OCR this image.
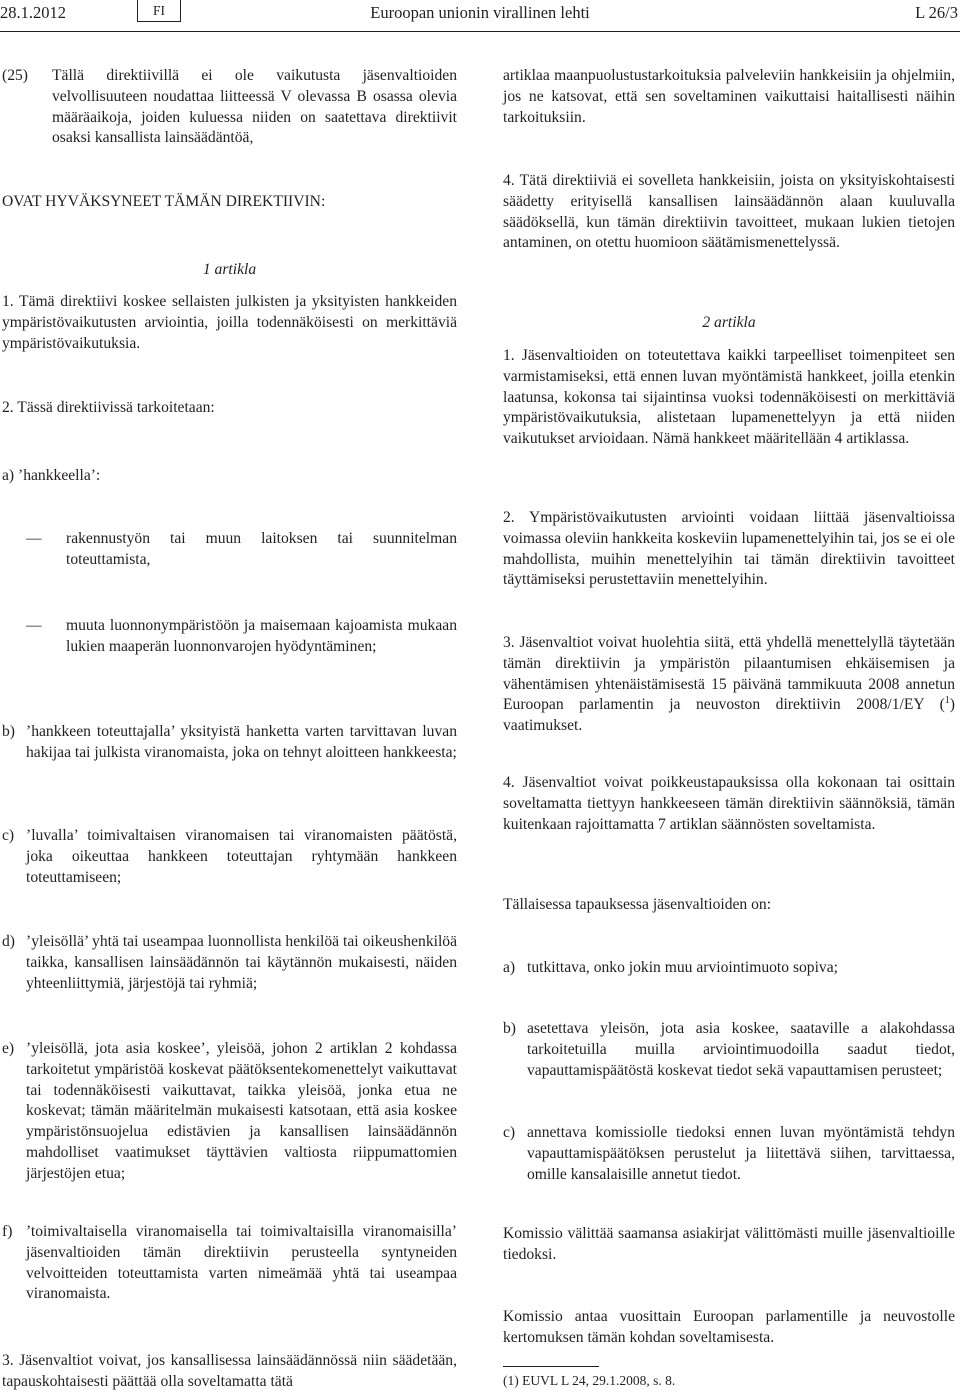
28.1.2012	FI	Euroopan unionin virallinen lehti	L 26/3
(25) Tällä direktiivillä ei ole vaikutusta jäsenvaltioiden velvollisuuteen noudattaa liitteessä V olevassa B osassa olevia määräaikoja, joiden kuluessa niiden on saatettava direktiivit osaksi kansallista lainsäädäntöä,
OVAT HYVÄKSYNEET TÄMÄN DIREKTIIVIN:
1 artikla
1. Tämä direktiivi koskee sellaisten julkisten ja yksityisten hankkeiden ympäristövaikutusten arviointia, joilla todennäköisesti on merkittäviä ympäristövaikutuksia.
2. Tässä direktiivissä tarkoitetaan:
a) ’hankkeella’:
— rakennustyön tai muun laitoksen tai suunnitelman toteuttamista,
— muuta luonnonympäristöön ja maisemaan kajoamista mukaan lukien maaperän luonnonvarojen hyödyntäminen;
b) ’hankkeen toteuttajalla’ yksityistä hanketta varten tarvittavan luvan hakijaa tai julkista viranomaista, joka on tehnyt aloitteen hankkeesta;
c) ’luvalla’ toimivaltaisen viranomaisen tai viranomaisten päätöstä, joka oikeuttaa hankkeen toteuttajan ryhtymään hankkeen toteuttamiseen;
d) ’yleisöllä’ yhtä tai useampaa luonnollista henkilöä tai oikeushenkilöä taikka, kansallisen lainsäädännön tai käytännön mukaisesti, näiden yhteenliittymiä, järjestöjä tai ryhmiä;
e) ’yleisöllä, jota asia koskee’, yleisöä, johon 2 artiklan 2 kohdassa tarkoitetut ympäristöä koskevat päätöksentekomenettelyt vaikuttavat tai todennäköisesti vaikuttavat, taikka yleisöä, jonka etua ne koskevat; tämän määritelmän mukaisesti katsotaan, että asia koskee ympäristönsuojelua edistävien ja kansallisen lainsäädännön mahdolliset vaatimukset täyttävien valtiosta riippumattomien järjestöjen etua;
f) ’toimivaltaisella viranomaisella tai toimivaltaisilla viranomaisilla’ jäsenvaltioiden tämän direktiivin perusteella syntyneiden velvoitteiden toteuttamista varten nimeämää yhtä tai useampaa viranomaista.
3. Jäsenvaltiot voivat, jos kansallisessa lainsäädännössä niin säädetään, tapauskohtaisesti päättää olla soveltamatta tätä
artiklaa maanpuolustustarkoituksia palveleviin hankkeisiin ja ohjelmiin, jos ne katsovat, että sen soveltaminen vaikuttaisi haitallisesti näihin tarkoituksiin.
4. Tätä direktiiviä ei sovelleta hankkeisiin, joista on yksityiskohtaisesti säädetty erityisellä kansallisen lainsäädännön alaan kuuluvalla säädöksellä, kun tämän direktiivin tavoitteet, mukaan lukien tietojen antaminen, on otettu huomioon säätämismenettelyssä.
2 artikla
1. Jäsenvaltioiden on toteutettava kaikki tarpeelliset toimenpiteet sen varmistamiseksi, että ennen luvan myöntämistä hankkeet, joilla etenkin laatunsa, kokonsa tai sijaintinsa vuoksi todennäköisesti on merkittäviä ympäristövaikutuksia, alistetaan lupamenettelyyn ja että niiden vaikutukset arvioidaan. Nämä hankkeet määritellään 4 artiklassa.
2. Ympäristövaikutusten arviointi voidaan liittää jäsenvaltioissa voimassa oleviin hankkeita koskeviin lupamenettelyihin tai, jos se ei ole mahdollista, muihin menettelyihin tai tämän direktiivin tavoitteet täyttämiseksi perustettaviin menettelyihin.
3. Jäsenvaltiot voivat huolehtia siitä, että yhdellä menettelyllä täytetään tämän direktiivin ja ympäristön pilaantumisen ehkäisemisen ja vähentämisen yhtenäistämisestä 15 päivänä tammikuuta 2008 annetun Euroopan parlamentin ja neuvoston direktiivin 2008/1/EY ($^1$) vaatimukset.
4. Jäsenvaltiot voivat poikkeustapauksissa olla kokonaan tai osittain soveltamatta tiettyyn hankkeeseen tämän direktiivin säännöksiä, tämän kuitenkaan rajoittamatta 7 artiklan säännösten soveltamista.
Tällaisessa tapauksessa jäsenvaltioiden on:
a) tutkittava, onko jokin muu arviointimuoto sopiva;
b) asetettava yleisön, jota asia koskee, saataville a alakohdassa tarkoitetuilla muilla arviointimuodoilla saadut tiedot, vapauttamispäätöstä koskevat tiedot sekä vapauttamisen perusteet;
c) annettava komissiolle tiedoksi ennen luvan myöntämistä tehdyn vapauttamispäätöksen perustelut ja liitettävä siihen, tarvittaessa, omille kansalaisille annetut tiedot.
Komissio välittää saamansa asiakirjat välittömästi muille jäsenvaltioille tiedoksi.
Komissio antaa vuosittain Euroopan parlamentille ja neuvostolle kertomuksen tämän kohdan soveltamisesta.
(1) EUVL L 24, 29.1.2008, s. 8.
